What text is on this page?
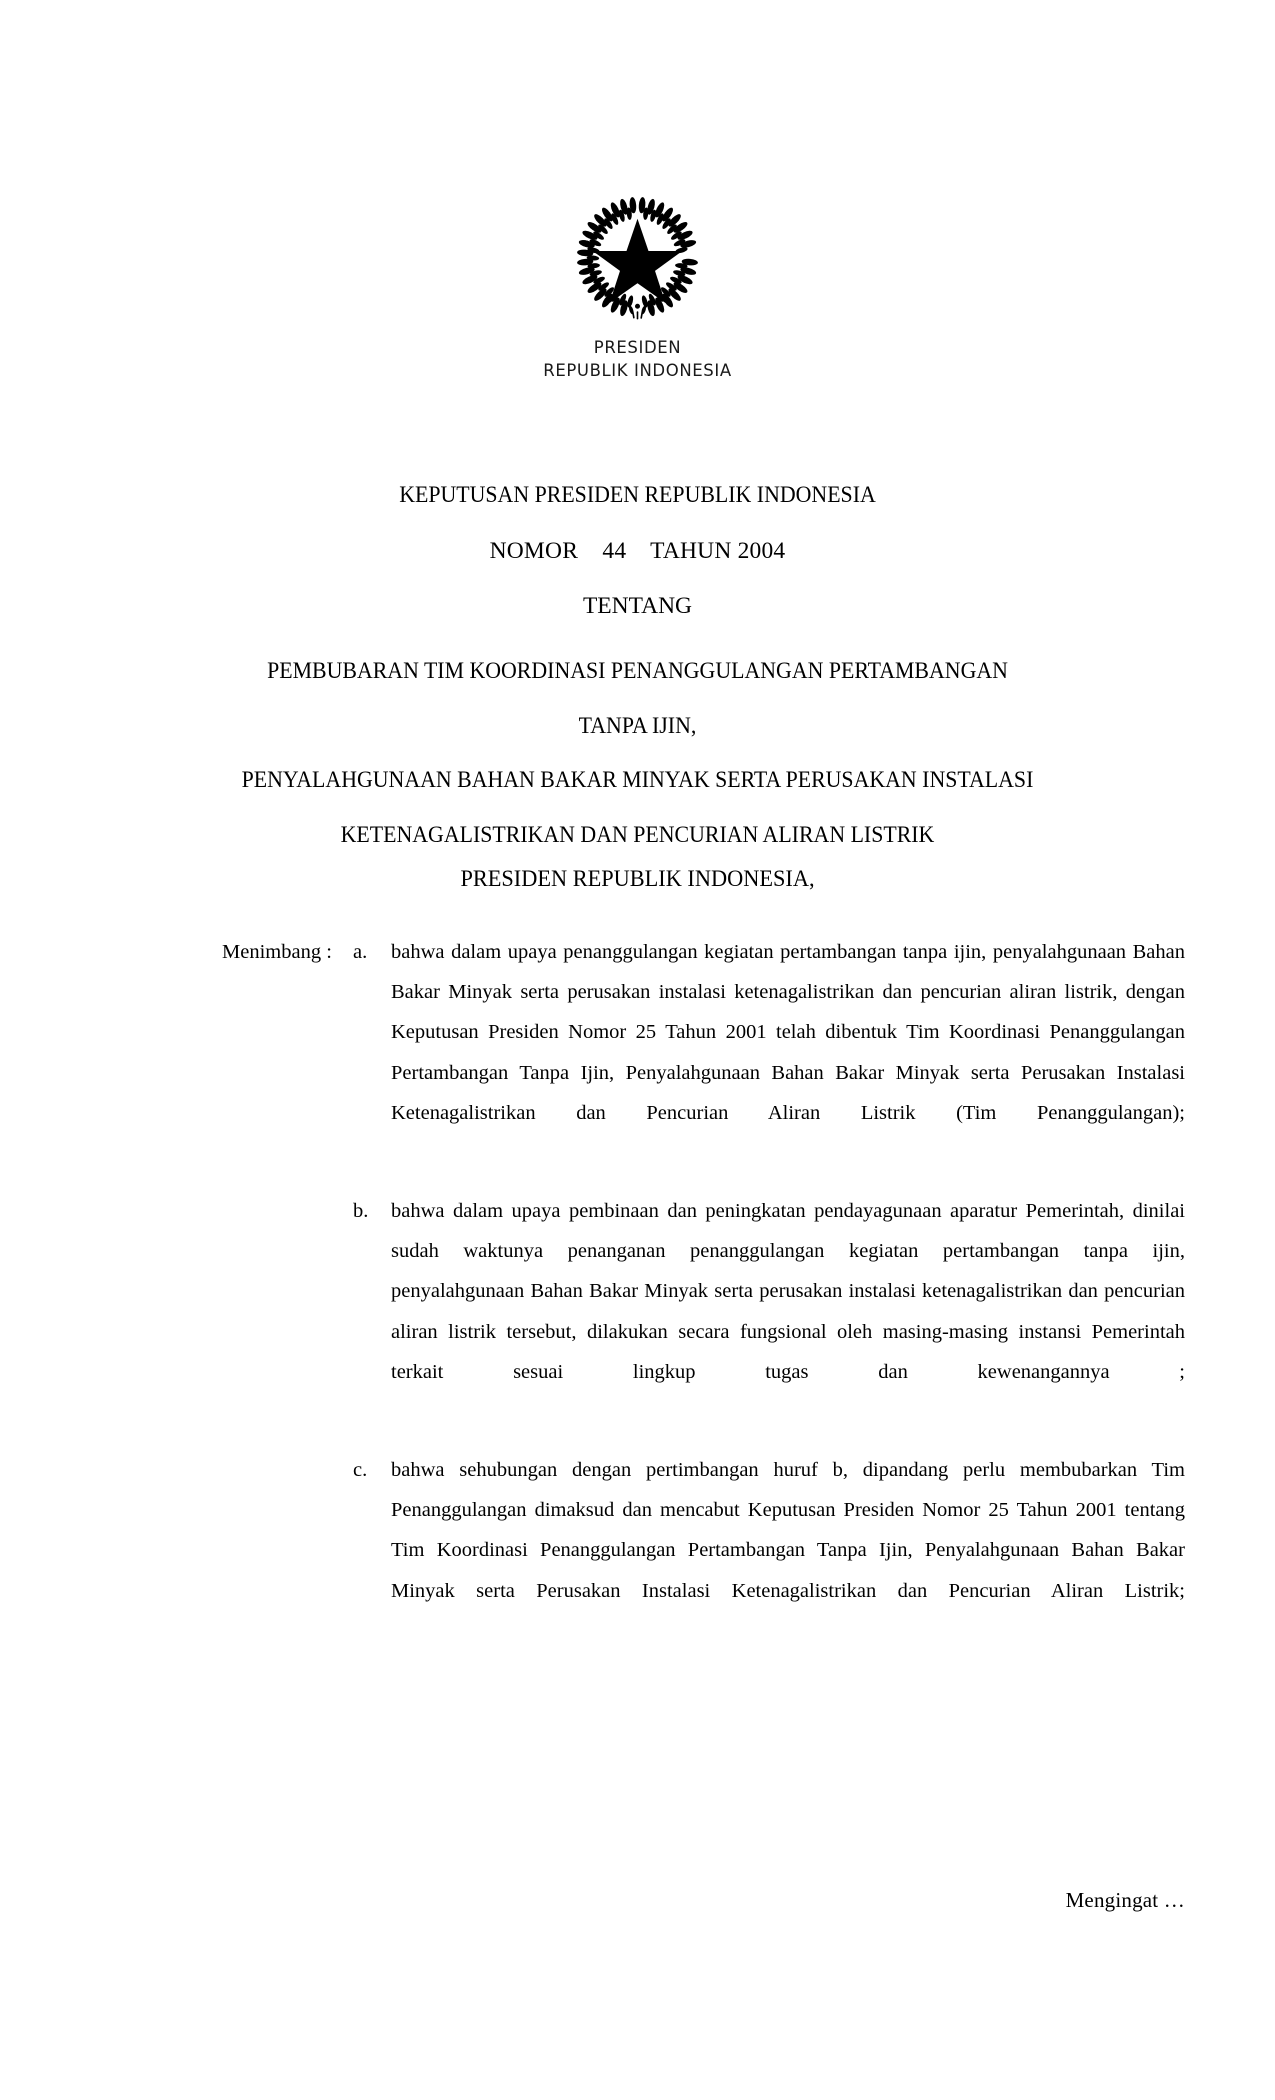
PRESIDEN
REPUBLIK INDONESIA
KEPUTUSAN PRESIDEN REPUBLIK INDONESIA
NOMOR    44    TAHUN 2004
TENTANG
PEMBUBARAN TIM KOORDINASI PENANGGULANGAN PERTAMBANGAN
TANPA IJIN,
PENYALAHGUNAAN BAHAN BAKAR MINYAK SERTA PERUSAKAN INSTALASI
KETENAGALISTRIKAN DAN PENCURIAN ALIRAN LISTRIK
PRESIDEN REPUBLIK INDONESIA,
Menimbang :	a.	bahwa dalam upaya penanggulangan kegiatan pertambangan tanpa ijin, penyalahgunaan Bahan Bakar Minyak serta perusakan instalasi ketenagalistrikan dan pencurian aliran listrik, dengan Keputusan Presiden Nomor 25 Tahun 2001 telah dibentuk Tim Koordinasi Penanggulangan Pertambangan Tanpa Ijin, Penyalahgunaan Bahan Bakar Minyak serta Perusakan Instalasi Ketenagalistrikan dan Pencurian Aliran Listrik (Tim Penanggulangan);
b.	bahwa dalam upaya pembinaan dan peningkatan pendayagunaan aparatur Pemerintah, dinilai sudah waktunya penanganan penanggulangan kegiatan pertambangan tanpa ijin, penyalahgunaan Bahan Bakar Minyak serta perusakan instalasi ketenagalistrikan dan pencurian aliran listrik tersebut, dilakukan secara fungsional oleh masing-masing instansi Pemerintah terkait sesuai lingkup tugas dan kewenangannya ;
c.	bahwa sehubungan dengan pertimbangan huruf b, dipandang perlu membubarkan Tim Penanggulangan dimaksud dan mencabut Keputusan Presiden Nomor 25 Tahun 2001 tentang Tim Koordinasi Penanggulangan Pertambangan Tanpa Ijin, Penyalahgunaan Bahan Bakar Minyak serta Perusakan Instalasi Ketenagalistrikan dan Pencurian Aliran Listrik;
Mengingat …
